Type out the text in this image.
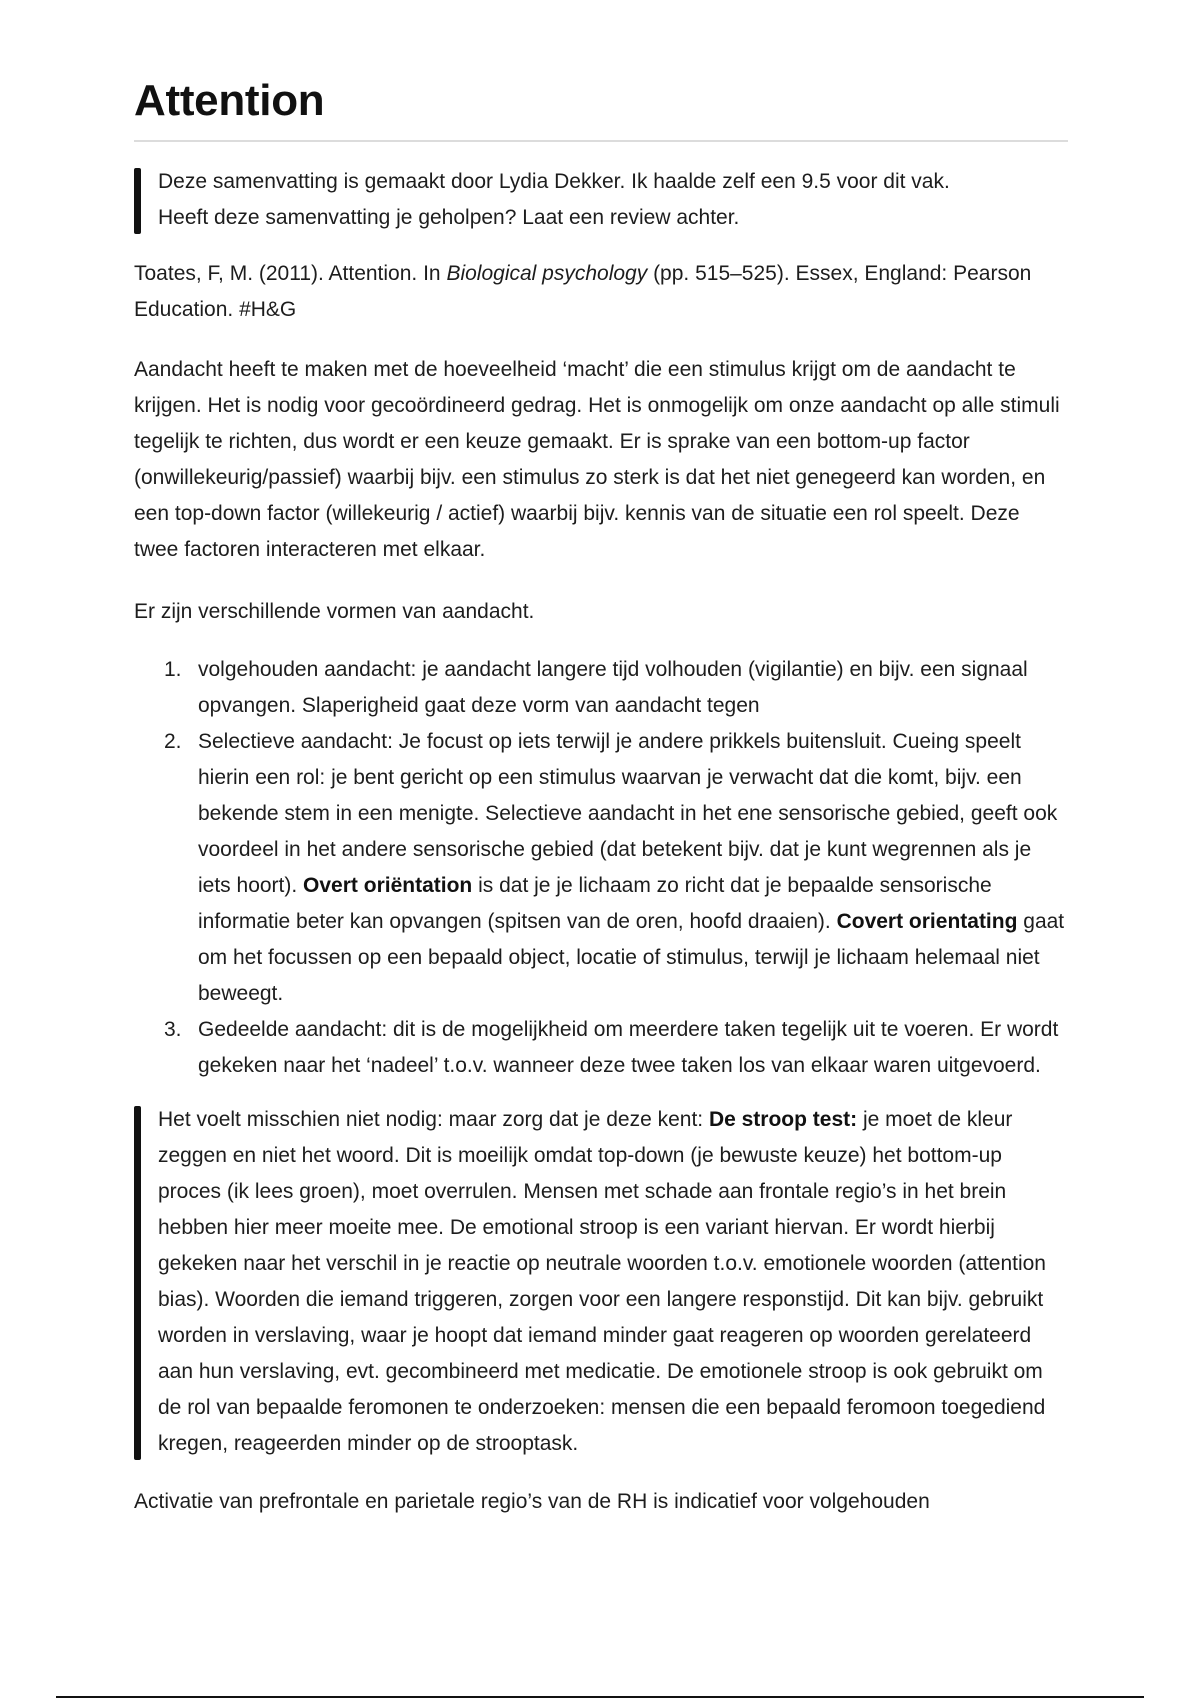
Attention
Deze samenvatting is gemaakt door Lydia Dekker. Ik haalde zelf een 9.5 voor dit vak.
Heeft deze samenvatting je geholpen? Laat een review achter.

Toates, F, M. (2011). Attention. In Biological psychology (pp. 515–525). Essex, England: Pearson Education. #H&G

Aandacht heeft te maken met de hoeveelheid ‘macht’ die een stimulus krijgt om de aandacht te krijgen. Het is nodig voor gecoördineerd gedrag. Het is onmogelijk om onze aandacht op alle stimuli tegelijk te richten, dus wordt er een keuze gemaakt. Er is sprake van een bottom-up factor (onwillekeurig/passief) waarbij bijv. een stimulus zo sterk is dat het niet genegeerd kan worden, en een top-down factor (willekeurig / actief) waarbij bijv. kennis van de situatie een rol speelt. Deze twee factoren interacteren met elkaar.

Er zijn verschillende vormen van aandacht.

1. volgehouden aandacht: je aandacht langere tijd volhouden (vigilantie) en bijv. een signaal opvangen. Slaperigheid gaat deze vorm van aandacht tegen
2. Selectieve aandacht: Je focust op iets terwijl je andere prikkels buitensluit. Cueing speelt hierin een rol: je bent gericht op een stimulus waarvan je verwacht dat die komt, bijv. een bekende stem in een menigte. Selectieve aandacht in het ene sensorische gebied, geeft ook voordeel in het andere sensorische gebied (dat betekent bijv. dat je kunt wegrennen als je iets hoort). Overt oriëntation is dat je je lichaam zo richt dat je bepaalde sensorische informatie beter kan opvangen (spitsen van de oren, hoofd draaien). Covert orientating gaat om het focussen op een bepaald object, locatie of stimulus, terwijl je lichaam helemaal niet beweegt.
3. Gedeelde aandacht: dit is de mogelijkheid om meerdere taken tegelijk uit te voeren. Er wordt gekeken naar het ‘nadeel’ t.o.v. wanneer deze twee taken los van elkaar waren uitgevoerd.
Het voelt misschien niet nodig: maar zorg dat je deze kent: De stroop test: je moet de kleur zeggen en niet het woord. Dit is moeilijk omdat top-down (je bewuste keuze) het bottom-up proces (ik lees groen), moet overrulen. Mensen met schade aan frontale regio’s in het brein hebben hier meer moeite mee. De emotional stroop is een variant hiervan. Er wordt hierbij gekeken naar het verschil in je reactie op neutrale woorden t.o.v. emotionele woorden (attention bias). Woorden die iemand triggeren, zorgen voor een langere responstijd. Dit kan bijv. gebruikt worden in verslaving, waar je hoopt dat iemand minder gaat reageren op woorden gerelateerd aan hun verslaving, evt. gecombineerd met medicatie. De emotionele stroop is ook gebruikt om de rol van bepaalde feromonen te onderzoeken: mensen die een bepaald feromoon toegediend kregen, reageerden minder op de strooptask.

Activatie van prefrontale en parietale regio’s van de RH is indicatief voor volgehouden
